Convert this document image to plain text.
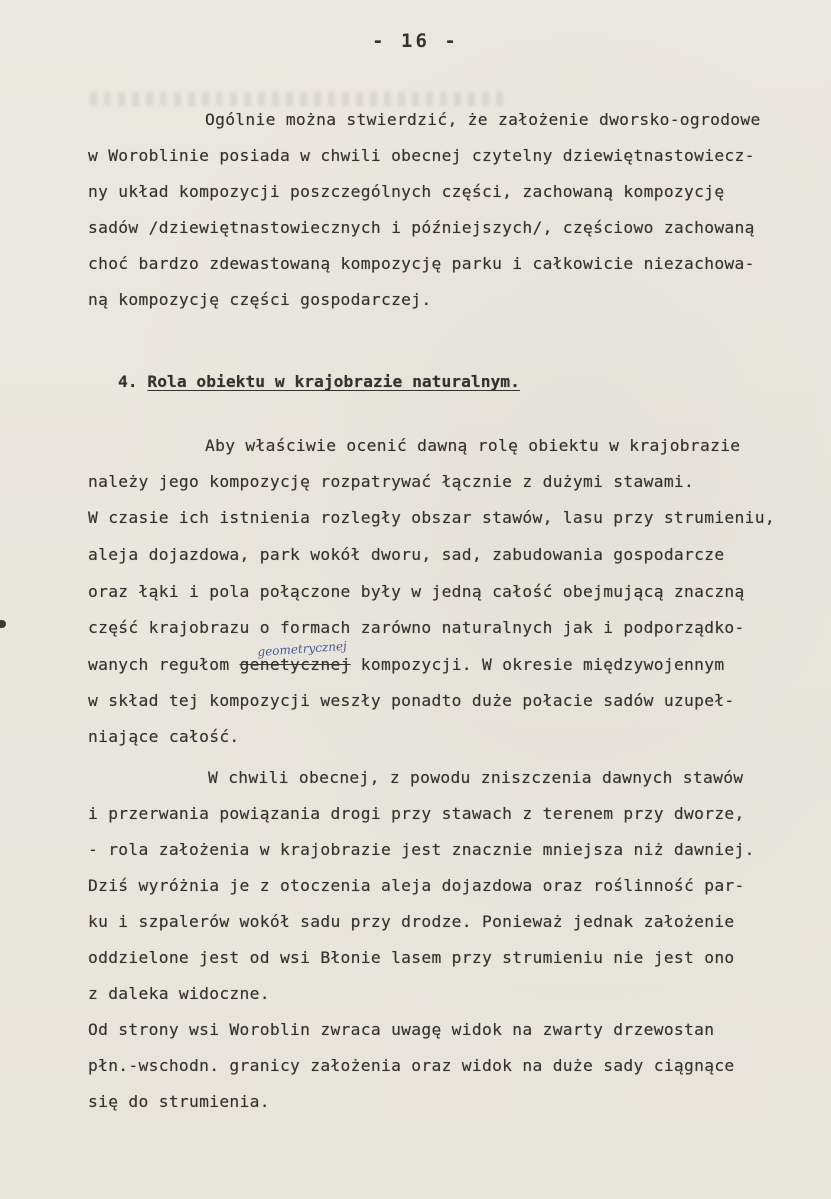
- 16 -
Ogólnie można stwierdzić, że założenie dworsko-ogrodowe
w Woroblinie posiada w chwili obecnej czytelny dziewiętnastowiecz-
ny układ kompozycji poszczególnych części, zachowaną kompozycję
sadów /dziewiętnastowiecznych i późniejszych/, częściowo zachowaną
choć bardzo zdewastowaną kompozycję parku i całkowicie niezachowa-
ną kompozycję części gospodarczej.
4. Rola obiektu w krajobrazie naturalnym.
Aby właściwie ocenić dawną rolę obiektu w krajobrazie
należy jego kompozycję rozpatrywać łącznie z dużymi stawami.
W czasie ich istnienia rozległy obszar stawów, lasu przy strumieniu,
aleja dojazdowa, park wokół dworu, sad, zabudowania gospodarcze
oraz łąki i pola połączone były w jedną całość obejmującą znaczną
część krajobrazu o formach zarówno naturalnych jak i podporządko-
geometrycznej
wanych regułom genetycznej kompozycji. W okresie międzywojennym
w skład tej kompozycji weszły ponadto duże połacie sadów uzupeł-
niające całość.
W chwili obecnej, z powodu zniszczenia dawnych stawów
i przerwania powiązania drogi przy stawach z terenem przy dworze,
- rola założenia w krajobrazie jest znacznie mniejsza niż dawniej.
Dziś wyróżnia je z otoczenia aleja dojazdowa oraz roślinność par-
ku i szpalerów wokół sadu przy drodze. Ponieważ jednak założenie
oddzielone jest od wsi Błonie lasem przy strumieniu nie jest ono
z daleka widoczne.
Od strony wsi Woroblin zwraca uwagę widok na zwarty drzewostan
płn.-wschodn. granicy założenia oraz widok na duże sady ciągnące
się do strumienia.
